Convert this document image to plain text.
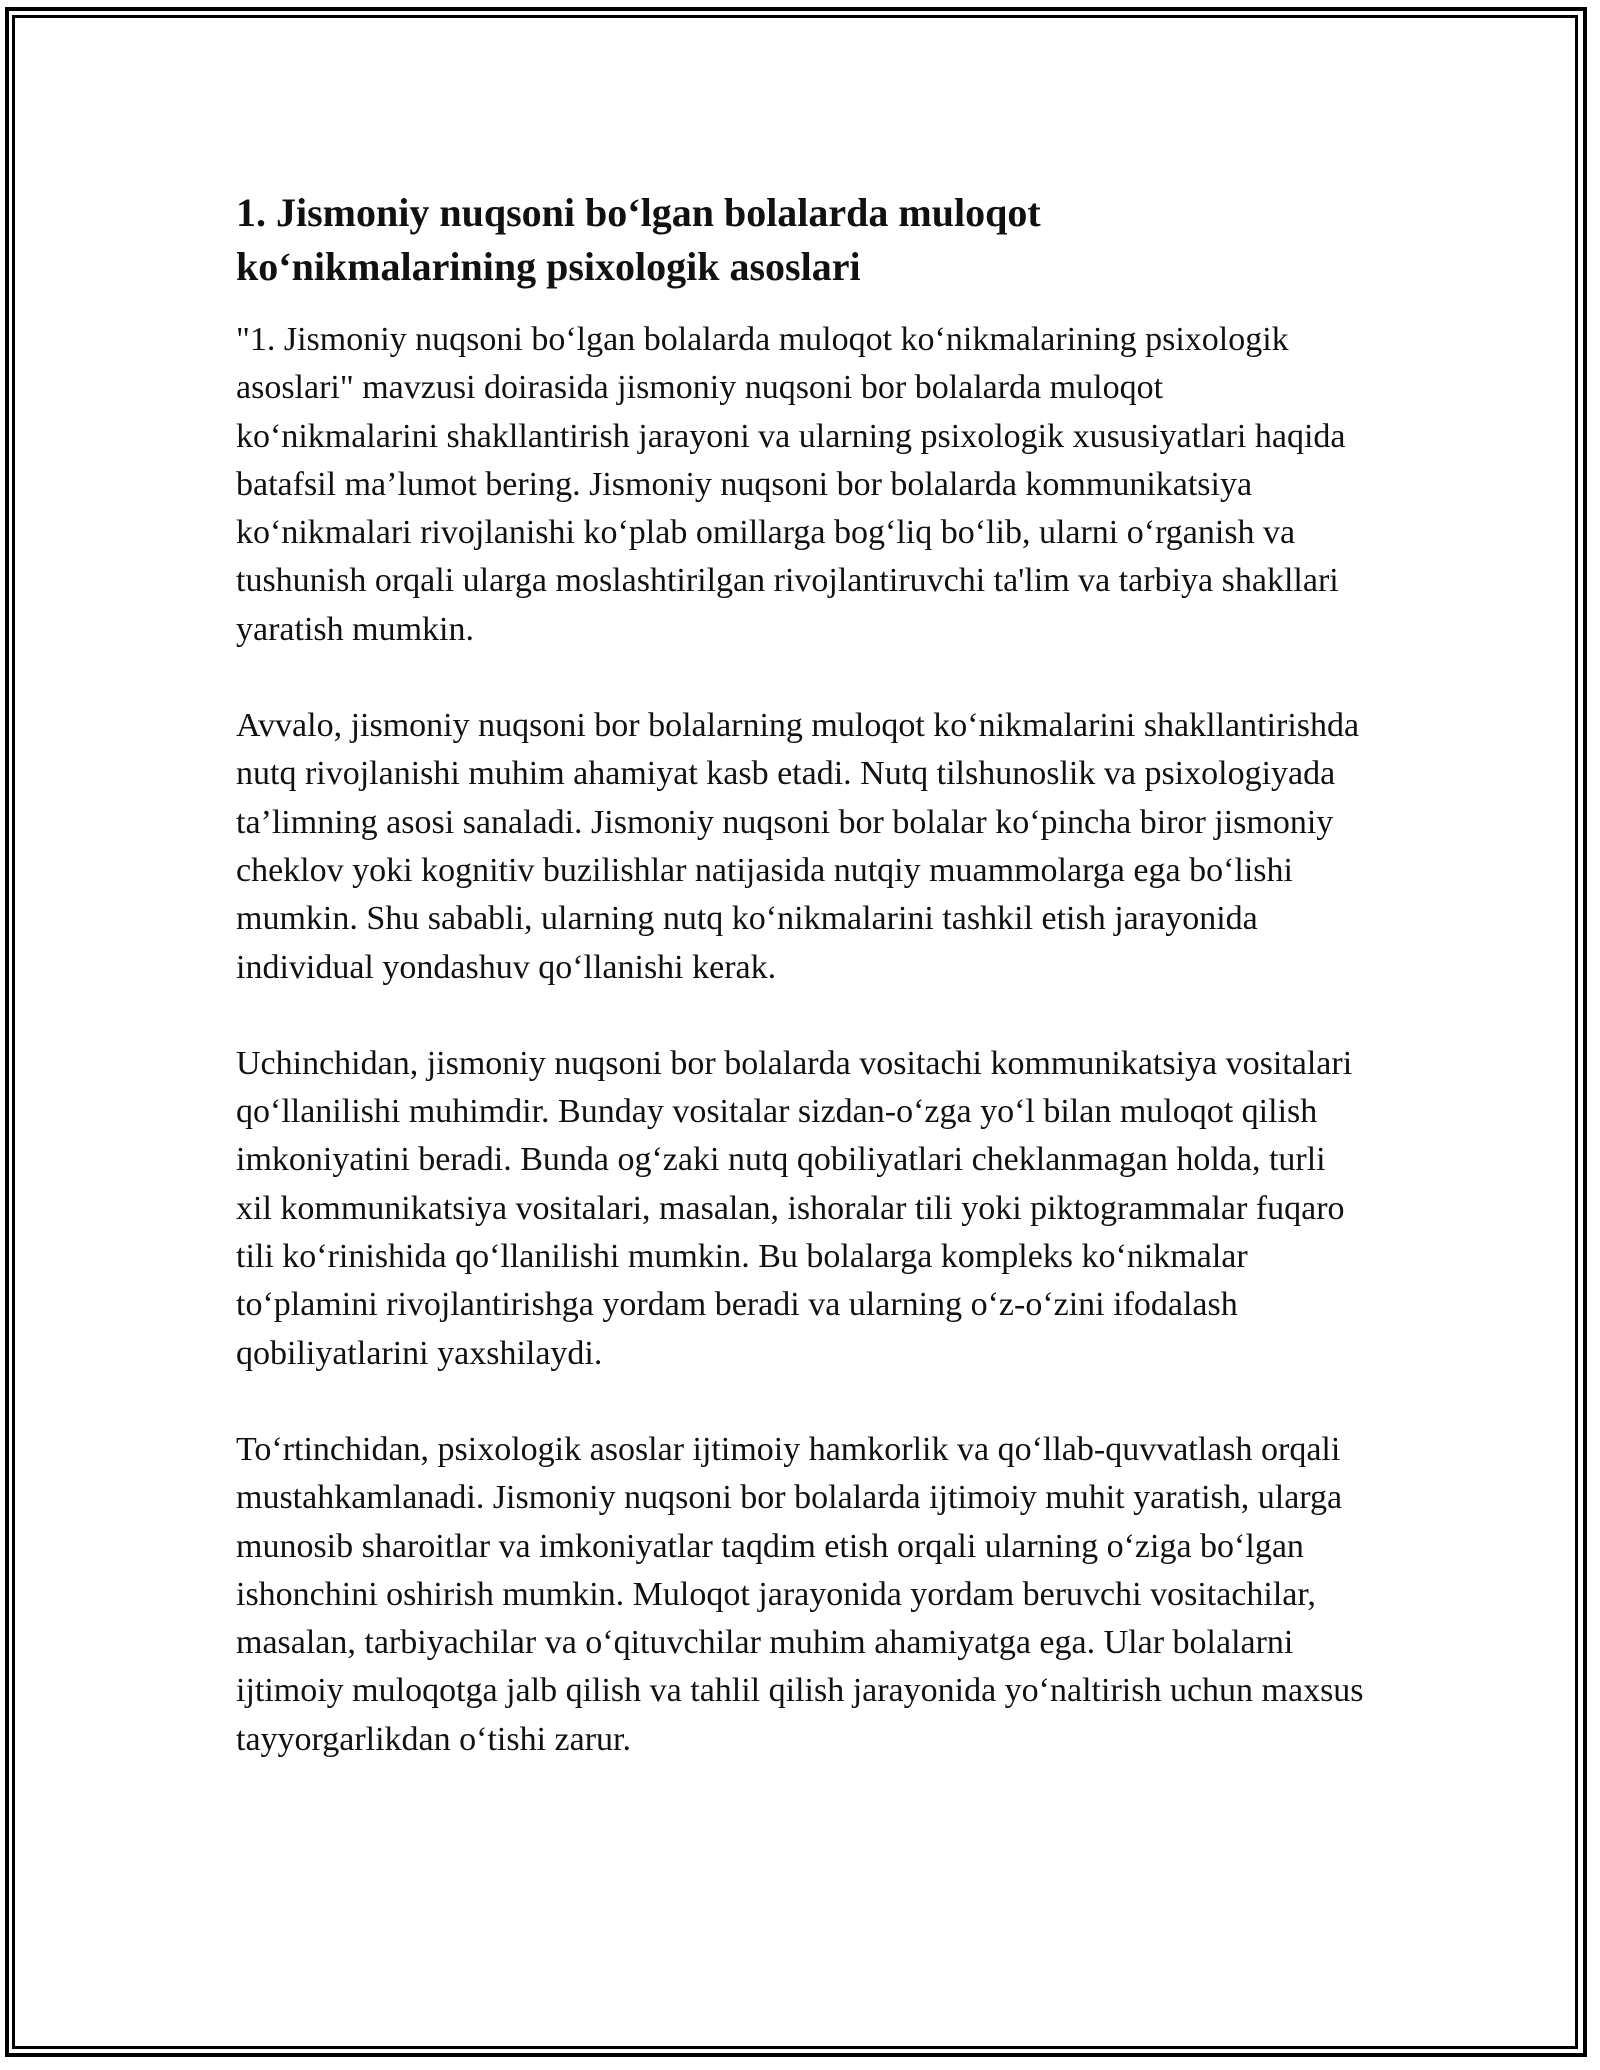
1. Jismoniy nuqsoni bo‘lgan bolalarda muloqot
ko‘nikmalarining psixologik asoslari

"1. Jismoniy nuqsoni bo‘lgan bolalarda muloqot ko‘nikmalarining psixologik asoslari" mavzusi doirasida jismoniy nuqsoni bor bolalarda muloqot ko‘nikmalarini shakllantirish jarayoni va ularning psixologik xususiyatlari haqida batafsil ma’lumot bering. Jismoniy nuqsoni bor bolalarda kommunikatsiya ko‘nikmalari rivojlanishi ko‘plab omillarga bog‘liq bo‘lib, ularni o‘rganish va tushunish orqali ularga moslashtirilgan rivojlantiruvchi ta'lim va tarbiya shakllari yaratish mumkin.

Avvalo, jismoniy nuqsoni bor bolalarning muloqot ko‘nikmalarini shakllantirishda nutq rivojlanishi muhim ahamiyat kasb etadi. Nutq tilshunoslik va psixologiyada ta’limning asosi sanaladi. Jismoniy nuqsoni bor bolalar ko‘pincha biror jismoniy cheklov yoki kognitiv buzilishlar natijasida nutqiy muammolarga ega bo‘lishi mumkin. Shu sababli, ularning nutq ko‘nikmalarini tashkil etish jarayonida individual yondashuv qo‘llanishi kerak.

Uchinchidan, jismoniy nuqsoni bor bolalarda vositachi kommunikatsiya vositalari qo‘llanilishi muhimdir. Bunday vositalar sizdan-o‘zga yo‘l bilan muloqot qilish imkoniyatini beradi. Bunda og‘zaki nutq qobiliyatlari cheklanmagan holda, turli xil kommunikatsiya vositalari, masalan, ishoralar tili yoki piktogrammalar fuqaro tili ko‘rinishida qo‘llanilishi mumkin. Bu bolalarga kompleks ko‘nikmalar to‘plamini rivojlantirishga yordam beradi va ularning o‘z-o‘zini ifodalash qobiliyatlarini yaxshilaydi.

To‘rtinchidan, psixologik asoslar ijtimoiy hamkorlik va qo‘llab-quvvatlash orqali mustahkamlanadi. Jismoniy nuqsoni bor bolalarda ijtimoiy muhit yaratish, ularga munosib sharoitlar va imkoniyatlar taqdim etish orqali ularning o‘ziga bo‘lgan ishonchini oshirish mumkin. Muloqot jarayonida yordam beruvchi vositachilar, masalan, tarbiyachilar va o‘qituvchilar muhim ahamiyatga ega. Ular bolalarni ijtimoiy muloqotga jalb qilish va tahlil qilish jarayonida yo‘naltirish uchun maxsus tayyorgarlikdan o‘tishi zarur.
